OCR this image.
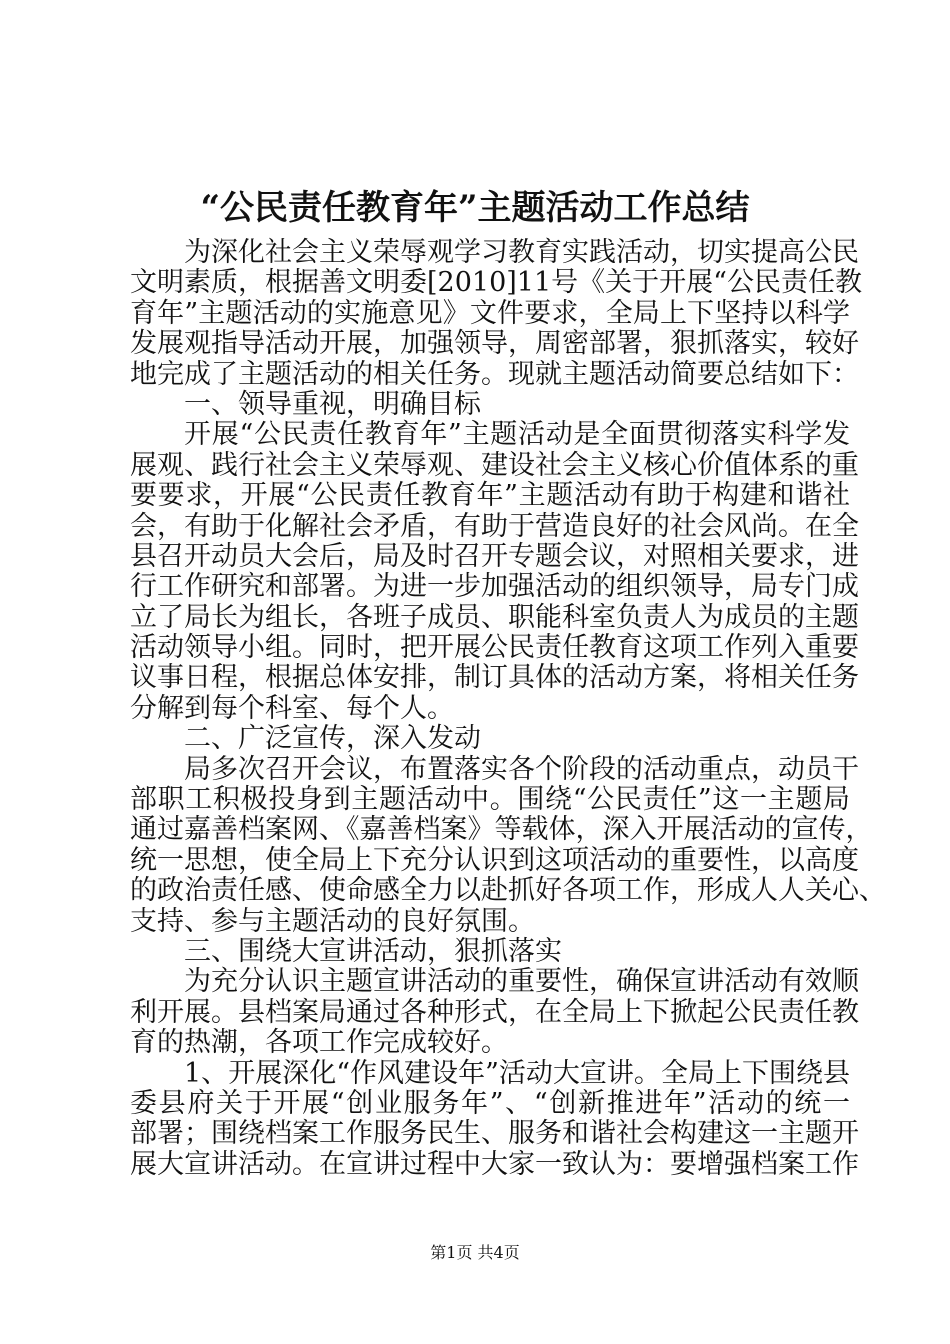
“公民责任教育年”主题活动工作总结
为深化社会主义荣辱观学习教育实践活动，切实提高公民
文明素质，根据善文明委[2010]11号《关于开展“公民责任教
育年”主题活动的实施意见》文件要求，全局上下坚持以科学
发展观指导活动开展，加强领导，周密部署，狠抓落实，较好
地完成了主题活动的相关任务。现就主题活动简要总结如下：
一、领导重视，明确目标
开展“公民责任教育年”主题活动是全面贯彻落实科学发
展观、践行社会主义荣辱观、建设社会主义核心价值体系的重
要要求，开展“公民责任教育年”主题活动有助于构建和谐社
会，有助于化解社会矛盾，有助于营造良好的社会风尚。在全
县召开动员大会后，局及时召开专题会议，对照相关要求，进
行工作研究和部署。为进一步加强活动的组织领导，局专门成
立了局长为组长，各班子成员、职能科室负责人为成员的主题
活动领导小组。同时，把开展公民责任教育这项工作列入重要
议事日程，根据总体安排，制订具体的活动方案，将相关任务
分解到每个科室、每个人。
二、广泛宣传，深入发动
局多次召开会议，布置落实各个阶段的活动重点，动员干
部职工积极投身到主题活动中。围绕“公民责任”这一主题局
通过嘉善档案网、《嘉善档案》等载体，深入开展活动的宣传，
统一思想，使全局上下充分认识到这项活动的重要性，以高度
的政治责任感、使命感全力以赴抓好各项工作，形成人人关心、
支持、参与主题活动的良好氛围。
三、围绕大宣讲活动，狠抓落实
为充分认识主题宣讲活动的重要性，确保宣讲活动有效顺
利开展。县档案局通过各种形式，在全局上下掀起公民责任教
育的热潮，各项工作完成较好。
1、开展深化“作风建设年”活动大宣讲。全局上下围绕县
委县府关于开展“创业服务年”、“创新推进年”活动的统一
部署；围绕档案工作服务民生、服务和谐社会构建这一主题开
展大宣讲活动。在宣讲过程中大家一致认为：要增强档案工作
第1页 共4页
